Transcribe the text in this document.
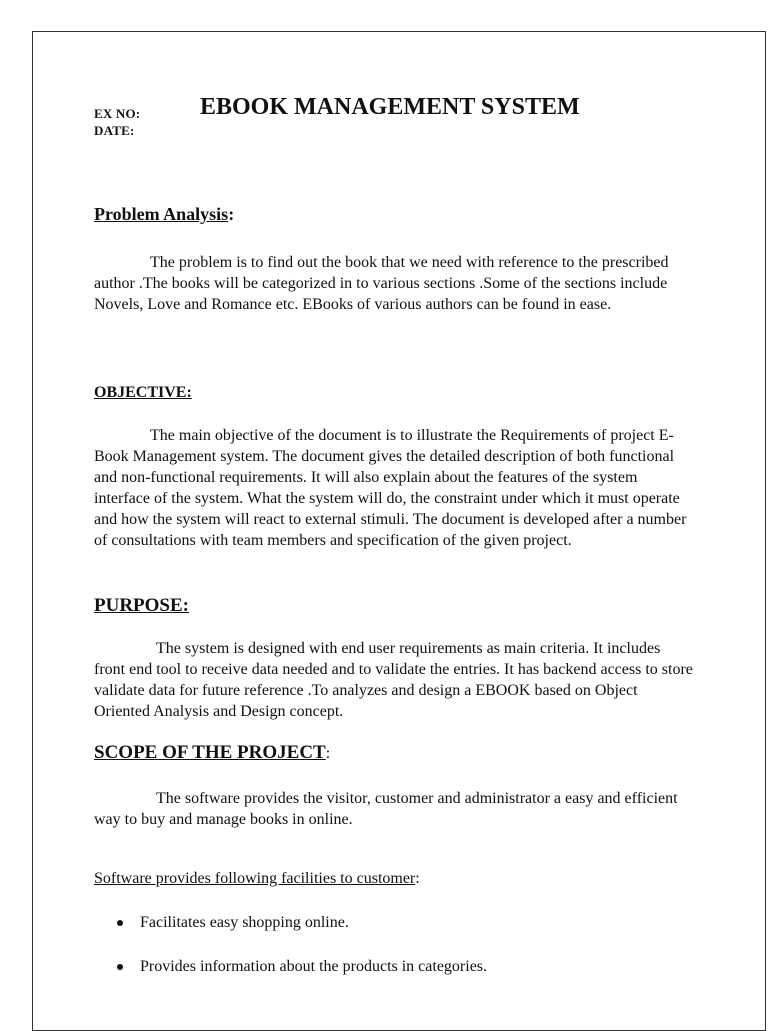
EX NO:
DATE:
EBOOK MANAGEMENT SYSTEM
Problem Analysis:

The problem is to find out the book that we need with reference to the prescribed author .The books will be categorized in to various sections .Some of the sections include Novels, Love and Romance etc. EBooks of various authors can be found in ease.

OBJECTIVE:

The main objective of the document is to illustrate the Requirements of project E-Book Management system. The document gives the detailed description of both functional and non-functional requirements. It will also explain about the features of the system interface of the system. What the system will do, the constraint under which it must operate and how the system will react to external stimuli. The document is developed after a number of consultations with team members and specification of the given project.

PURPOSE:

The system is designed with end user requirements as main criteria. It includes front end tool to receive data needed and to validate the entries. It has backend access to store validate data for future reference .To analyzes and design a EBOOK based on Object Oriented Analysis and Design concept.

SCOPE OF THE PROJECT:

The software provides the visitor, customer and administrator a easy and efficient way to buy and manage books in online.

Software provides following facilities to customer:
Facilitates easy shopping online.
Provides information about the products in categories.
